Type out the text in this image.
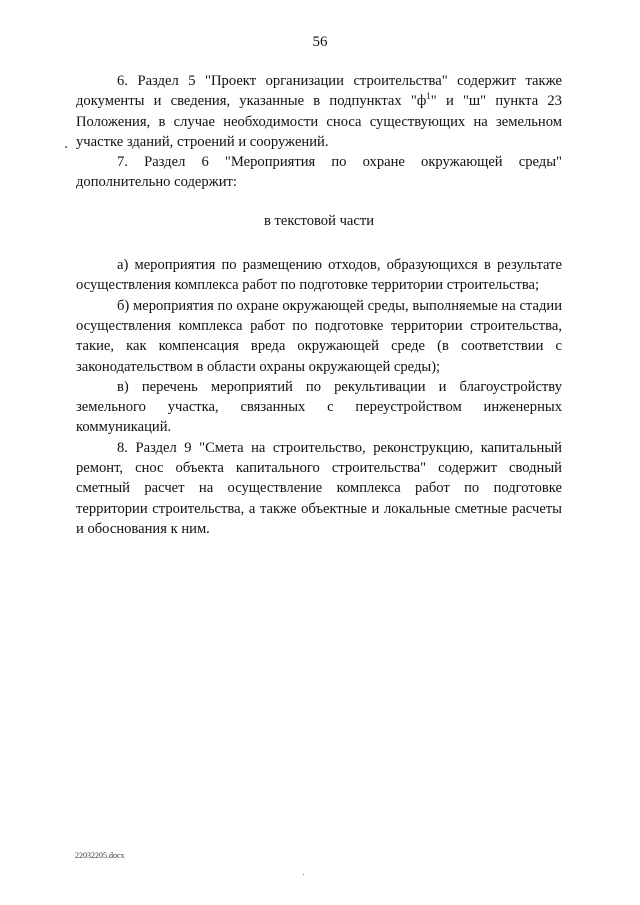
56

6. Раздел 5 "Проект организации строительства" содержит также документы и сведения, указанные в подпунктах "$ф^1$" и "ш" пункта 23 Положения, в случае необходимости сноса существующих на земельном участке зданий, строений и сооружений.

7. Раздел 6 "Мероприятия по охране окружающей среды" дополнительно содержит:

в текстовой части

а) мероприятия по размещению отходов, образующихся в результате осуществления комплекса работ по подготовке территории строительства;

б) мероприятия по охране окружающей среды, выполняемые на стадии осуществления комплекса работ по подготовке территории строительства, такие, как компенсация вреда окружающей среде (в соответствии с законодательством в области охраны окружающей среды);

в) перечень мероприятий по рекультивации и благоустройству земельного участка, связанных с переустройством инженерных коммуникаций.

8. Раздел 9 "Смета на строительство, реконструкцию, капитальный ремонт, снос объекта капитального строительства" содержит сводный сметный расчет на осуществление комплекса работ по подготовке территории строительства, а также объектные и локальные сметные расчеты и обоснования к ним.

22032205.docx
